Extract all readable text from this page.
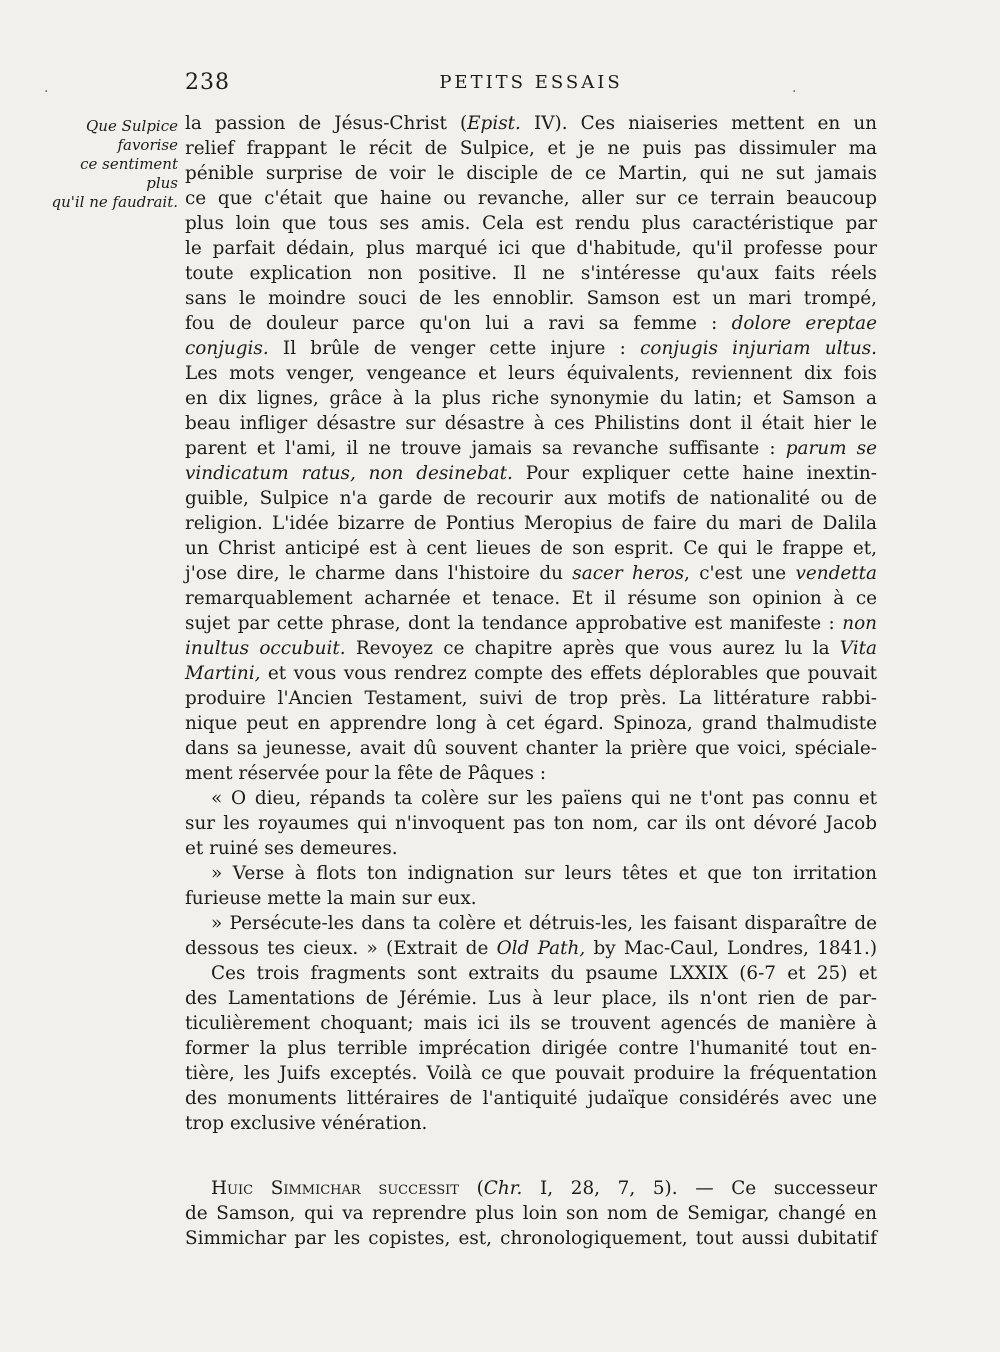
.	.
238	PETITS ESSAIS
Que Sulpice
favorise
ce sentiment plus
qu'il ne faudrait.
la passion de Jésus-Christ (Epist. IV). Ces niaiseries mettent en un
relief frappant le récit de Sulpice, et je ne puis pas dissimuler ma
pénible surprise de voir le disciple de ce Martin, qui ne sut jamais
ce que c'était que haine ou revanche, aller sur ce terrain beaucoup
plus loin que tous ses amis. Cela est rendu plus caractéristique par
le parfait dédain, plus marqué ici que d'habitude, qu'il professe pour
toute explication non positive. Il ne s'intéresse qu'aux faits réels
sans le moindre souci de les ennoblir. Samson est un mari trompé,
fou de douleur parce qu'on lui a ravi sa femme : dolore ereptae
conjugis. Il brûle de venger cette injure : conjugis injuriam ultus.
Les mots venger, vengeance et leurs équivalents, reviennent dix fois
en dix lignes, grâce à la plus riche synonymie du latin; et Samson a
beau infliger désastre sur désastre à ces Philistins dont il était hier le
parent et l'ami, il ne trouve jamais sa revanche suffisante : parum se
vindicatum ratus, non desinebat. Pour expliquer cette haine inextin-
guible, Sulpice n'a garde de recourir aux motifs de nationalité ou de
religion. L'idée bizarre de Pontius Meropius de faire du mari de Dalila
un Christ anticipé est à cent lieues de son esprit. Ce qui le frappe et,
j'ose dire, le charme dans l'histoire du sacer heros, c'est une vendetta
remarquablement acharnée et tenace. Et il résume son opinion à ce
sujet par cette phrase, dont la tendance approbative est manifeste : non
inultus occubuit. Revoyez ce chapitre après que vous aurez lu la Vita
Martini, et vous vous rendrez compte des effets déplorables que pouvait
produire l'Ancien Testament, suivi de trop près. La littérature rabbi-
nique peut en apprendre long à cet égard. Spinoza, grand thalmudiste
dans sa jeunesse, avait dû souvent chanter la prière que voici, spéciale-
ment réservée pour la fête de Pâques :
« O dieu, répands ta colère sur les païens qui ne t'ont pas connu et
sur les royaumes qui n'invoquent pas ton nom, car ils ont dévoré Jacob
et ruiné ses demeures.
» Verse à flots ton indignation sur leurs têtes et que ton irritation
furieuse mette la main sur eux.
» Persécute-les dans ta colère et détruis-les, les faisant disparaître de
dessous tes cieux. » (Extrait de Old Path, by Mac-Caul, Londres, 1841.)
Ces trois fragments sont extraits du psaume LXXIX (6-7 et 25) et
des Lamentations de Jérémie. Lus à leur place, ils n'ont rien de par-
ticulièrement choquant; mais ici ils se trouvent agencés de manière à
former la plus terrible imprécation dirigée contre l'humanité tout en-
tière, les Juifs exceptés. Voilà ce que pouvait produire la fréquentation
des monuments littéraires de l'antiquité judaïque considérés avec une
trop exclusive vénération.
Huic Simmichar successit (Chr. I, 28, 7, 5). — Ce successeur
de Samson, qui va reprendre plus loin son nom de Semigar, changé en
Simmichar par les copistes, est, chronologiquement, tout aussi dubitatif
